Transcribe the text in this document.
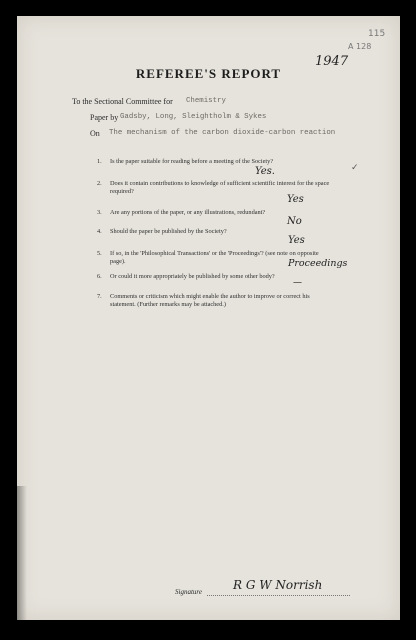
115
A 128
1947
REFEREE'S REPORT
To the Sectional Committee for Chemistry
Paper by Gadsby, Long, Sleightholm & Sykes
On The mechanism of the carbon dioxide-carbon reaction
1. Is the paper suitable for reading before a meeting of the Society?
Yes.	✓
2. Does it contain contributions to knowledge of sufficient scientific interest for the space required?
Yes
3. Are any portions of the paper, or any illustrations, redundant?
No
4. Should the paper be published by the Society?
Yes
5. If so, in the 'Philosophical Transactions' or the 'Proceedings'? (see note on opposite page).	Proceedings
6. Or could it more appropriately be published by some other body?
—
7. Comments or criticism which might enable the author to improve or correct his statement. (Further remarks may be attached.)
Signature	R G W Norrish
